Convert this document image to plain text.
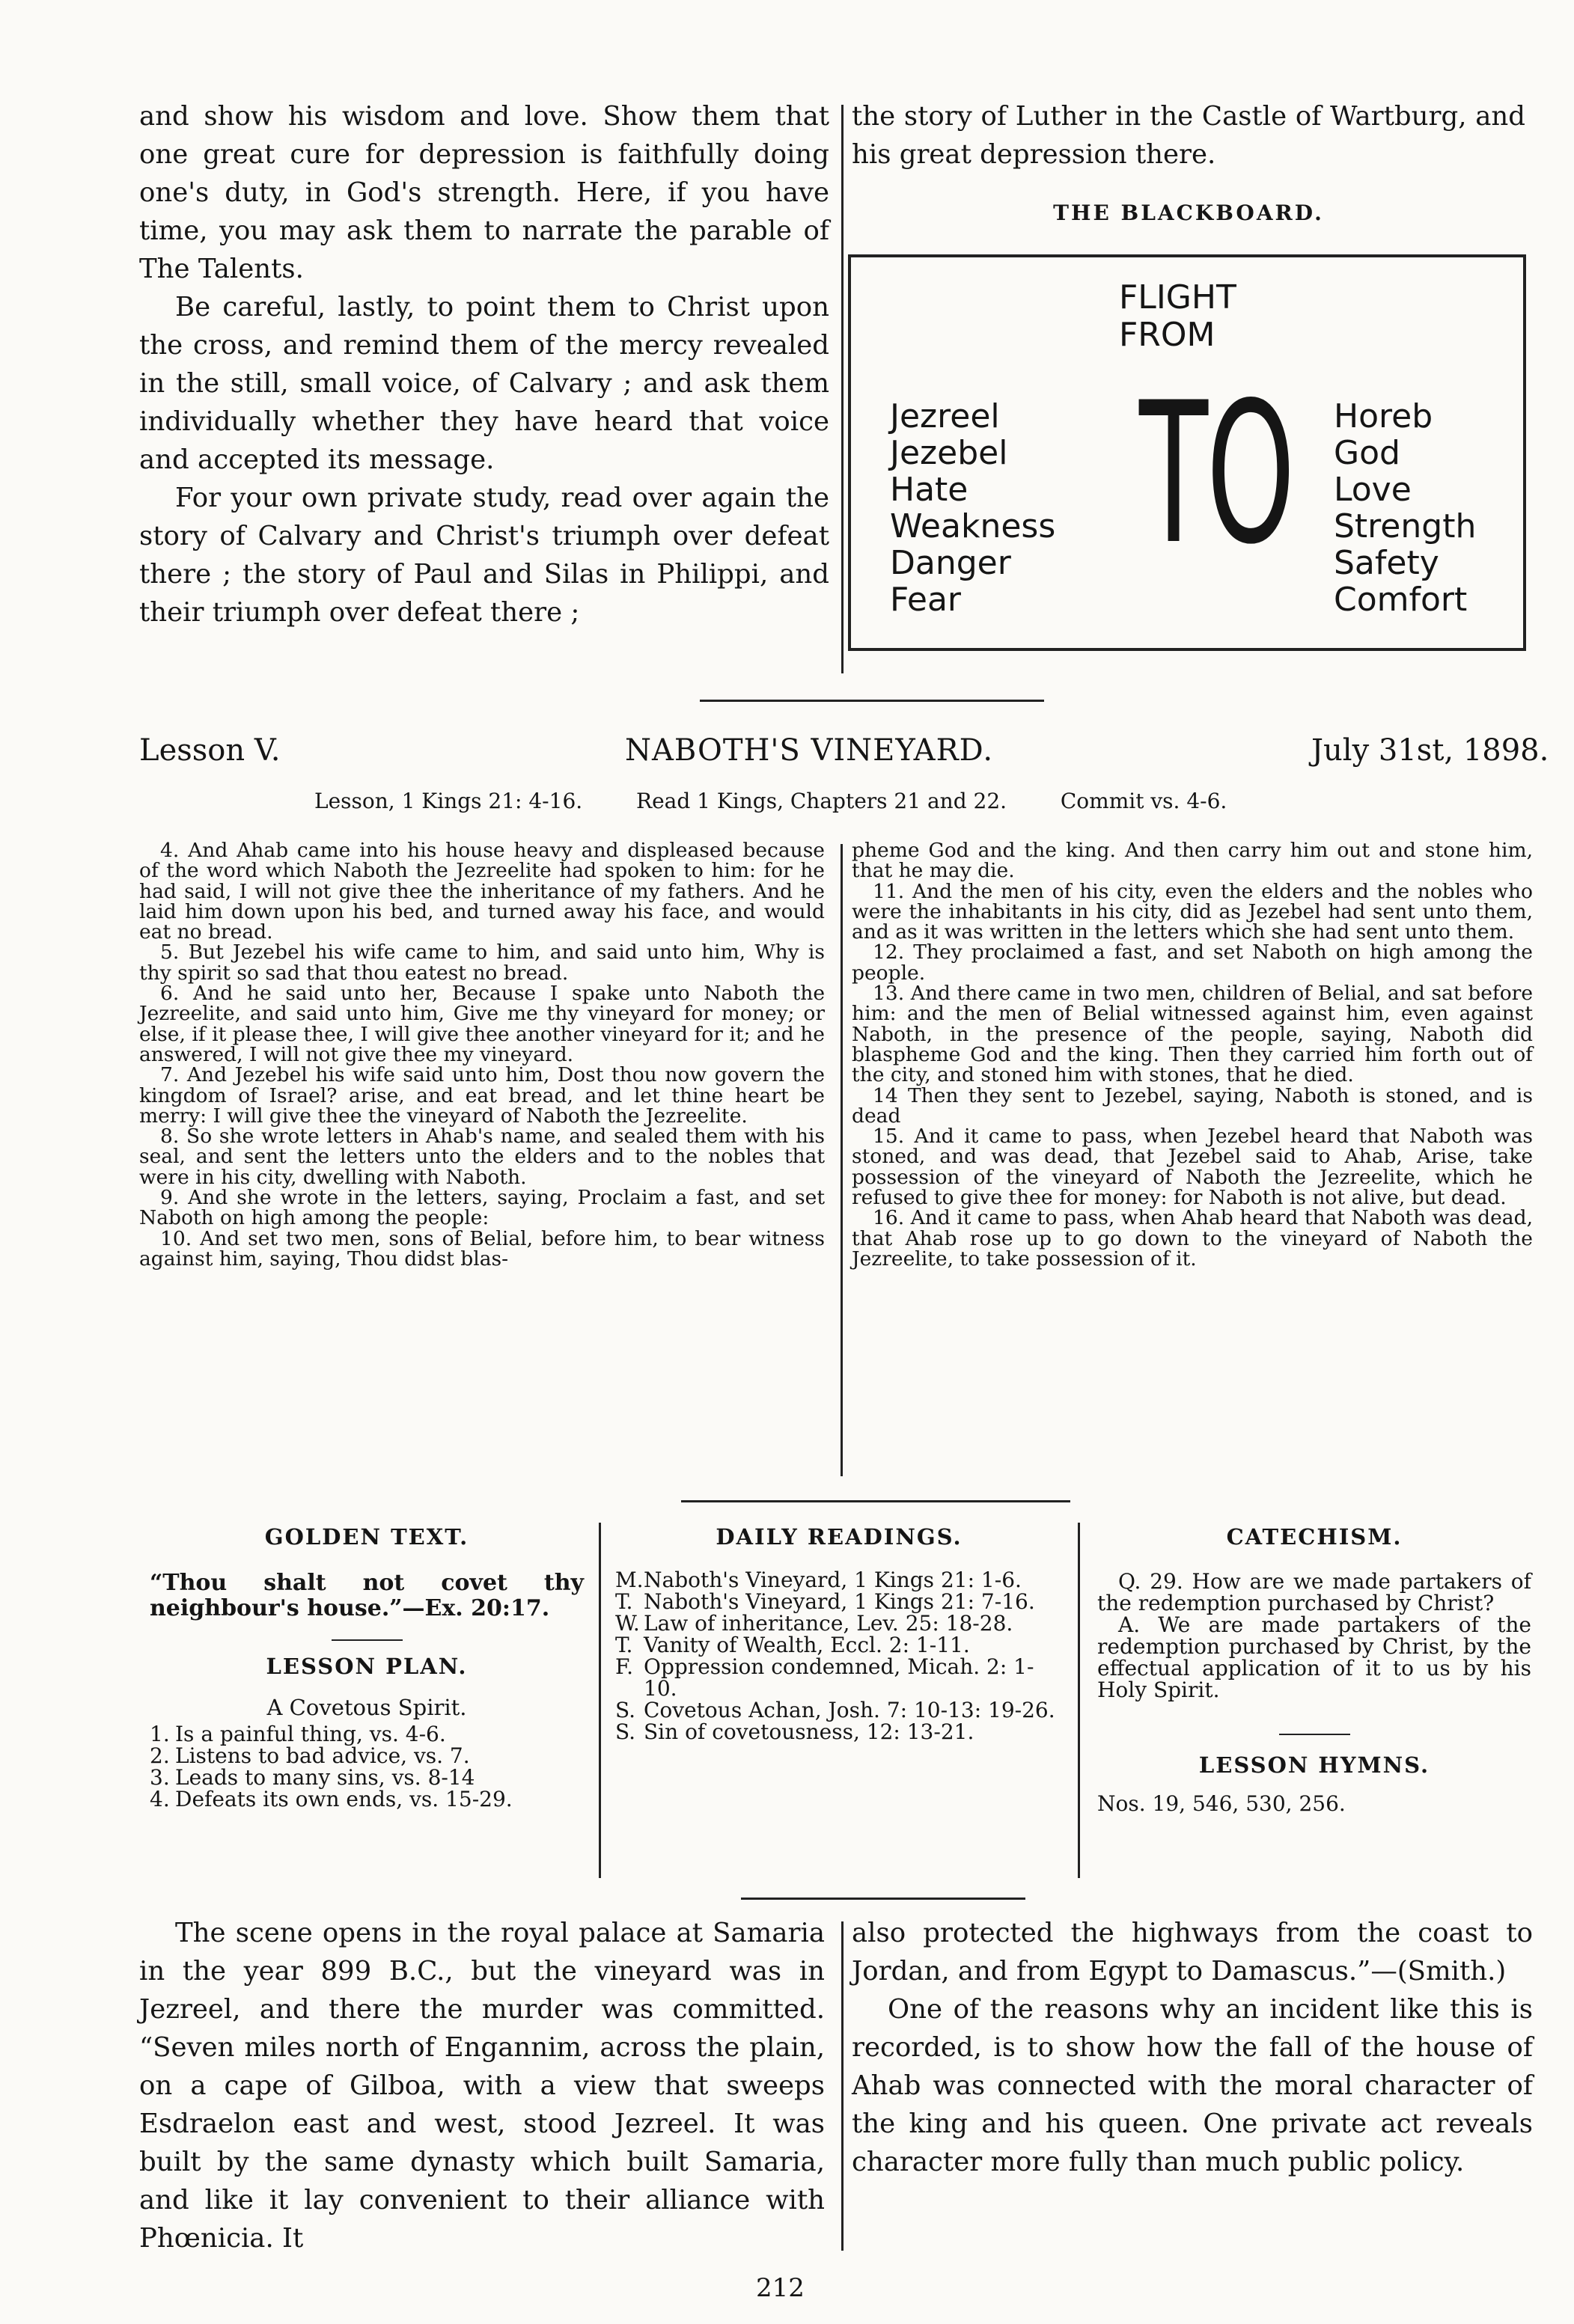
and show his wisdom and love. Show them that one great cure for depression is faithfully doing one's duty, in God's strength. Here, if you have time, you may ask them to narrate the parable of The Talents.

Be careful, lastly, to point them to Christ upon the cross, and remind them of the mercy revealed in the still, small voice, of Calvary ; and ask them individually whether they have heard that voice and accepted its message.

For your own private study, read over again the story of Calvary and Christ's triumph over defeat there ; the story of Paul and Silas in Philippi, and their triumph over defeat there ;

the story of Luther in the Castle of Wartburg, and his great depression there.

THE BLACKBOARD.
FLIGHT
FROM
TO
Jezreel
Jezebel
Hate
Weakness
Danger
Fear
Horeb
God
Love
Strength
Safety
Comfort
Lesson V.	NABOTH'S VINEYARD.	July 31st, 1898.
Lesson, 1 Kings 21: 4-16.	Read 1 Kings, Chapters 21 and 22.	Commit vs. 4-6.

4. And Ahab came into his house heavy and displeased because of the word which Naboth the Jezreelite had spoken to him: for he had said, I will not give thee the inheritance of my fathers. And he laid him down upon his bed, and turned away his face, and would eat no bread.

5. But Jezebel his wife came to him, and said unto him, Why is thy spirit so sad that thou eatest no bread.

6. And he said unto her, Because I spake unto Naboth the Jezreelite, and said unto him, Give me thy vineyard for money; or else, if it please thee, I will give thee another vineyard for it; and he answered, I will not give thee my vineyard.

7. And Jezebel his wife said unto him, Dost thou now govern the kingdom of Israel? arise, and eat bread, and let thine heart be merry: I will give thee the vineyard of Naboth the Jezreelite.

8. So she wrote letters in Ahab's name, and sealed them with his seal, and sent the letters unto the elders and to the nobles that were in his city, dwelling with Naboth.

9. And she wrote in the letters, saying, Proclaim a fast, and set Naboth on high among the people:

10. And set two men, sons of Belial, before him, to bear witness against him, saying, Thou didst blas-

pheme God and the king. And then carry him out and stone him, that he may die.

11. And the men of his city, even the elders and the nobles who were the inhabitants in his city, did as Jezebel had sent unto them, and as it was written in the letters which she had sent unto them.

12. They proclaimed a fast, and set Naboth on high among the people.

13. And there came in two men, children of Belial, and sat before him: and the men of Belial witnessed against him, even against Naboth, in the presence of the people, saying, Naboth did blaspheme God and the king. Then they carried him forth out of the city, and stoned him with stones, that he died.

14 Then they sent to Jezebel, saying, Naboth is stoned, and is dead

15. And it came to pass, when Jezebel heard that Naboth was stoned, and was dead, that Jezebel said to Ahab, Arise, take possession of the vineyard of Naboth the Jezreelite, which he refused to give thee for money: for Naboth is not alive, but dead.

16. And it came to pass, when Ahab heard that Naboth was dead, that Ahab rose up to go down to the vineyard of Naboth the Jezreelite, to take possession of it.

GOLDEN TEXT.

“Thou shalt not covet thy neighbour's house.”—Ex. 20:17.

LESSON PLAN.

A Covetous Spirit.
1. Is a painful thing, vs. 4-6.
2. Listens to bad advice, vs. 7.
3. Leads to many sins, vs. 8-14
4. Defeats its own ends, vs. 15-29.

DAILY READINGS.

M. Naboth's Vineyard, 1 Kings 21: 1-6.
T. Naboth's Vineyard, 1 Kings 21: 7-16.
W. Law of inheritance, Lev. 25: 18-28.
T. Vanity of Wealth, Eccl. 2: 1-11.
F. Oppression condemned, Micah. 2: 1-10.
S. Covetous Achan, Josh. 7: 10-13: 19-26.
S. Sin of covetousness, 12: 13-21.

CATECHISM.

Q. 29. How are we made partakers of the redemption purchased by Christ?
A. We are made partakers of the redemption purchased by Christ, by the effectual application of it to us by his Holy Spirit.

LESSON HYMNS.

Nos. 19, 546, 530, 256.

The scene opens in the royal palace at Samaria in the year 899 B.C., but the vineyard was in Jezreel, and there the murder was committed. “Seven miles north of Engannim, across the plain, on a cape of Gilboa, with a view that sweeps Esdraelon east and west, stood Jezreel. It was built by the same dynasty which built Samaria, and like it lay convenient to their alliance with Phœnicia. It

also protected the highways from the coast to Jordan, and from Egypt to Damascus.”—(Smith.)

One of the reasons why an incident like this is recorded, is to show how the fall of the house of Ahab was connected with the moral character of the king and his queen. One private act reveals character more fully than much public policy.

212
